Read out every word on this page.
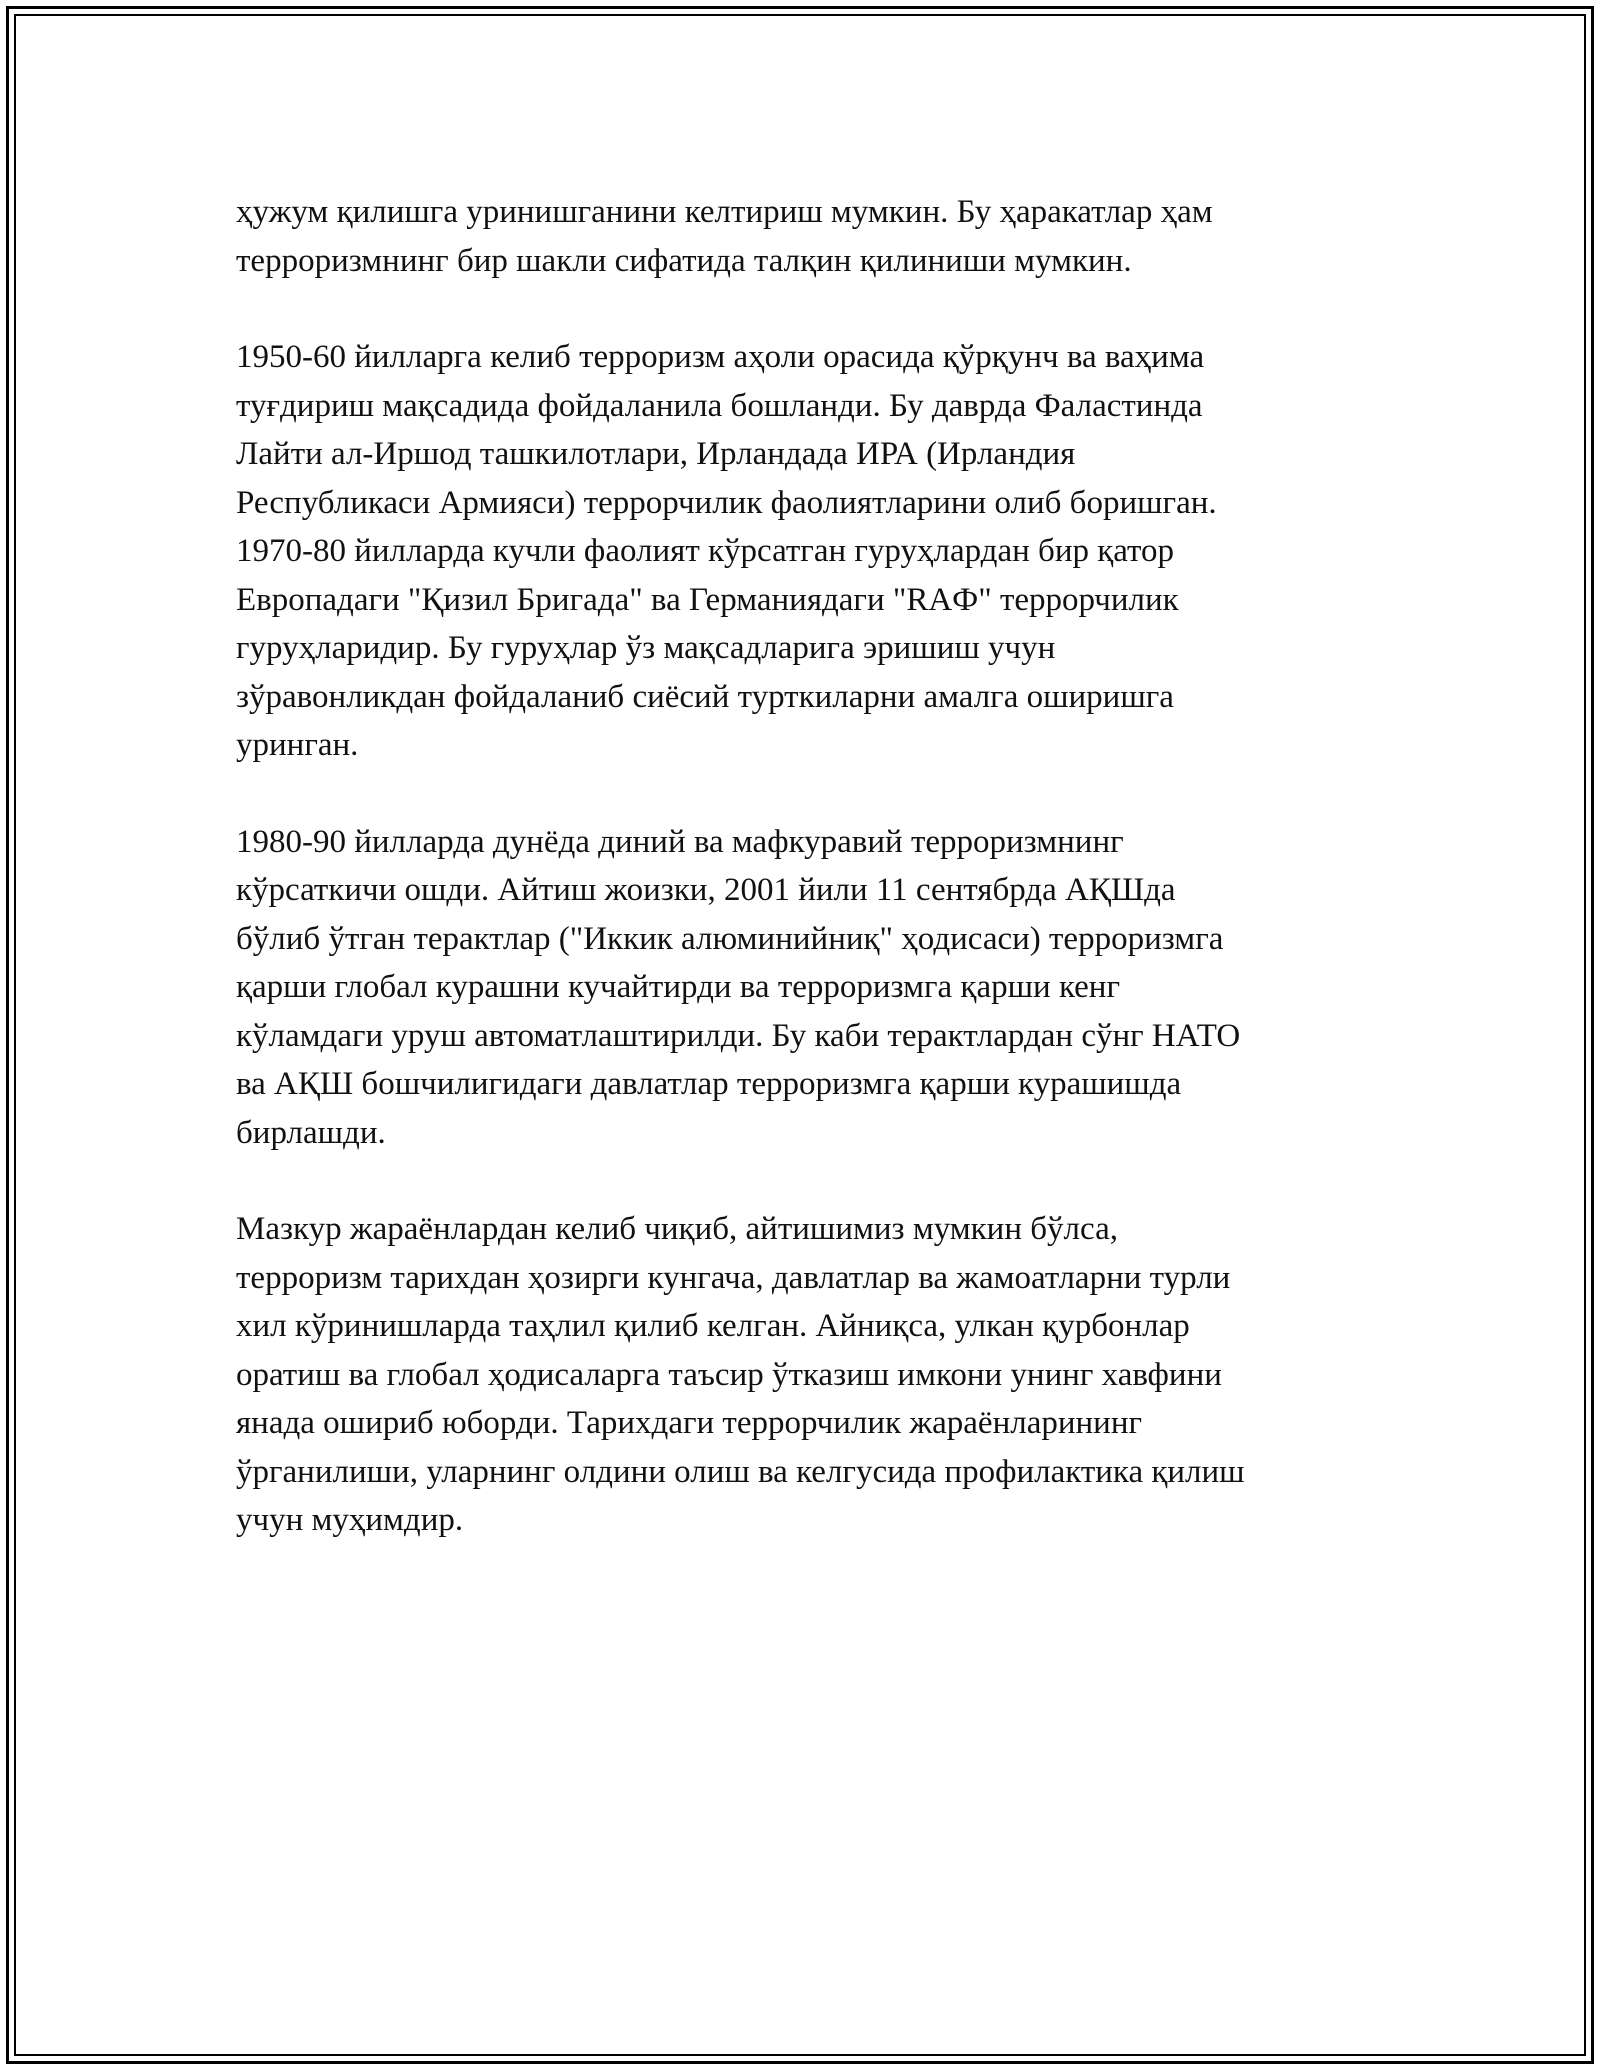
ҳужум қилишга уринишганини келтириш мумкин. Бу ҳаракатлар ҳам
терроризмнинг бир шакли сифатида талқин қилиниши мумкин.

1950-60 йилларга келиб терроризм аҳоли орасида қўрқунч ва ваҳима
туғдириш мақсадида фойдаланила бошланди. Бу даврда Фаластинда
Лайти ал-Иршод ташкилотлари, Ирландада ИРА (Ирландия
Республикаси Армияси) террорчилик фаолиятларини олиб боришган.
1970-80 йилларда кучли фаолият кўрсатган гуруҳлардан бир қатор
Европадаги "Қизил Бригада" ва Германиядаги "RAФ" террорчилик
гуруҳларидир. Бу гуруҳлар ўз мақсадларига эришиш учун
зўравонликдан фойдаланиб сиёсий турткиларни амалга оширишга
уринган.

1980-90 йилларда дунёда диний ва мафкуравий терроризмнинг
кўрсаткичи ошди. Айтиш жоизки, 2001 йили 11 сентябрда АҚШда
бўлиб ўтган терактлар ("Иккик алюминийниқ" ҳодисаси) терроризмга
қарши глобал курашни кучайтирди ва терроризмга қарши кенг
кўламдаги уруш автоматлаштирилди. Бу каби терактлардан сўнг НАТО
ва АҚШ бошчилигидаги давлатлар терроризмга қарши курашишда
бирлашди.

Мазкур жараёнлардан келиб чиқиб, айтишимиз мумкин бўлса,
терроризм тарихдан ҳозирги кунгача, давлатлар ва жамоатларни турли
хил кўринишларда таҳлил қилиб келган. Айниқса, улкан қурбонлар
оратиш ва глобал ҳодисаларга таъсир ўтказиш имкони унинг хавфини
янада ошириб юборди. Тарихдаги террорчилик жараёнларининг
ўрганилиши, уларнинг олдини олиш ва келгусида профилактика қилиш
учун муҳимдир.
